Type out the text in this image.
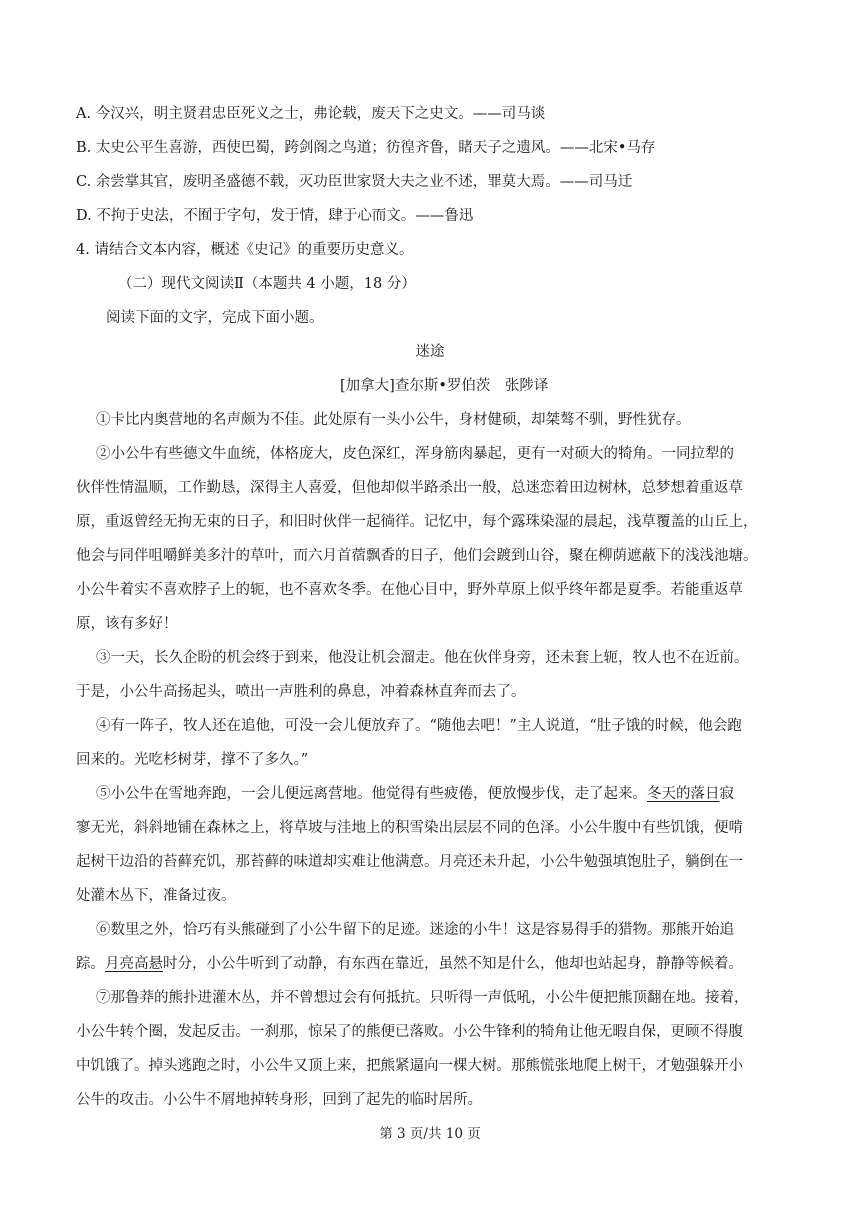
A. 今汉兴，明主贤君忠臣死义之士，弗论载，废天下之史文。——司马谈
B. 太史公平生喜游，西使巴蜀，跨剑阁之鸟道；彷徨齐鲁，睹天子之遗风。——北宋•马存
C. 余尝掌其官，废明圣盛德不载，灭功臣世家贤大夫之业不述，罪莫大焉。——司马迁
D. 不拘于史法，不囿于字句，发于情，肆于心而文。——鲁迅
4. 请结合文本内容，概述《史记》的重要历史意义。
（二）现代文阅读Ⅱ（本题共 4 小题，18 分）
阅读下面的文字，完成下面小题。
迷途
[加拿大]查尔斯•罗伯茨　张陟译
①卡比内奥营地的名声颇为不佳。此处原有一头小公牛，身材健硕，却桀骜不驯，野性犹存。
②小公牛有些德文牛血统，体格庞大，皮色深红，浑身筋肉暴起，更有一对硕大的犄角。一同拉犁的
伙伴性情温顺，工作勤恳，深得主人喜爱，但他却似半路杀出一般，总迷恋着田边树林，总梦想着重返草
原，重返曾经无拘无束的日子，和旧时伙伴一起徜徉。记忆中，每个露珠染湿的晨起，浅草覆盖的山丘上，
他会与同伴咀嚼鲜美多汁的草叶，而六月首蓿飘香的日子，他们会踱到山谷，聚在柳荫遮蔽下的浅浅池塘。
小公牛着实不喜欢脖子上的轭，也不喜欢冬季。在他心目中，野外草原上似乎终年都是夏季。若能重返草
原，该有多好！
③一天，长久企盼的机会终于到来，他没让机会溜走。他在伙伴身旁，还未套上轭，牧人也不在近前。
于是，小公牛高扬起头，喷出一声胜利的鼻息，冲着森林直奔而去了。
④有一阵子，牧人还在追他，可没一会儿便放弃了。“随他去吧！”主人说道，“肚子饿的时候，他会跑
回来的。光吃杉树芽，撑不了多久。”
⑤小公牛在雪地奔跑，一会儿便远离营地。他觉得有些疲倦，便放慢步伐，走了起来。冬天的落日寂
寥无光，斜斜地铺在森林之上，将草坡与洼地上的积雪染出层层不同的色泽。小公牛腹中有些饥饿，便啃
起树干边沿的苔藓充饥，那苔藓的味道却实难让他满意。月亮还未升起，小公牛勉强填饱肚子，躺倒在一
处灌木丛下，准备过夜。
⑥数里之外，恰巧有头熊碰到了小公牛留下的足迹。迷途的小牛！这是容易得手的猎物。那熊开始追
踪。月亮高悬时分，小公牛听到了动静，有东西在靠近，虽然不知是什么，他却也站起身，静静等候着。
⑦那鲁莽的熊扑进灌木丛，并不曾想过会有何抵抗。只听得一声低吼，小公牛便把熊顶翻在地。接着，
小公牛转个圈，发起反击。一刹那，惊呆了的熊便已落败。小公牛锋利的犄角让他无暇自保，更顾不得腹
中饥饿了。掉头逃跑之时，小公牛又顶上来，把熊紧逼向一棵大树。那熊慌张地爬上树干，才勉强躲开小
公牛的攻击。小公牛不屑地掉转身形，回到了起先的临时居所。
第 3 页/共 10 页
